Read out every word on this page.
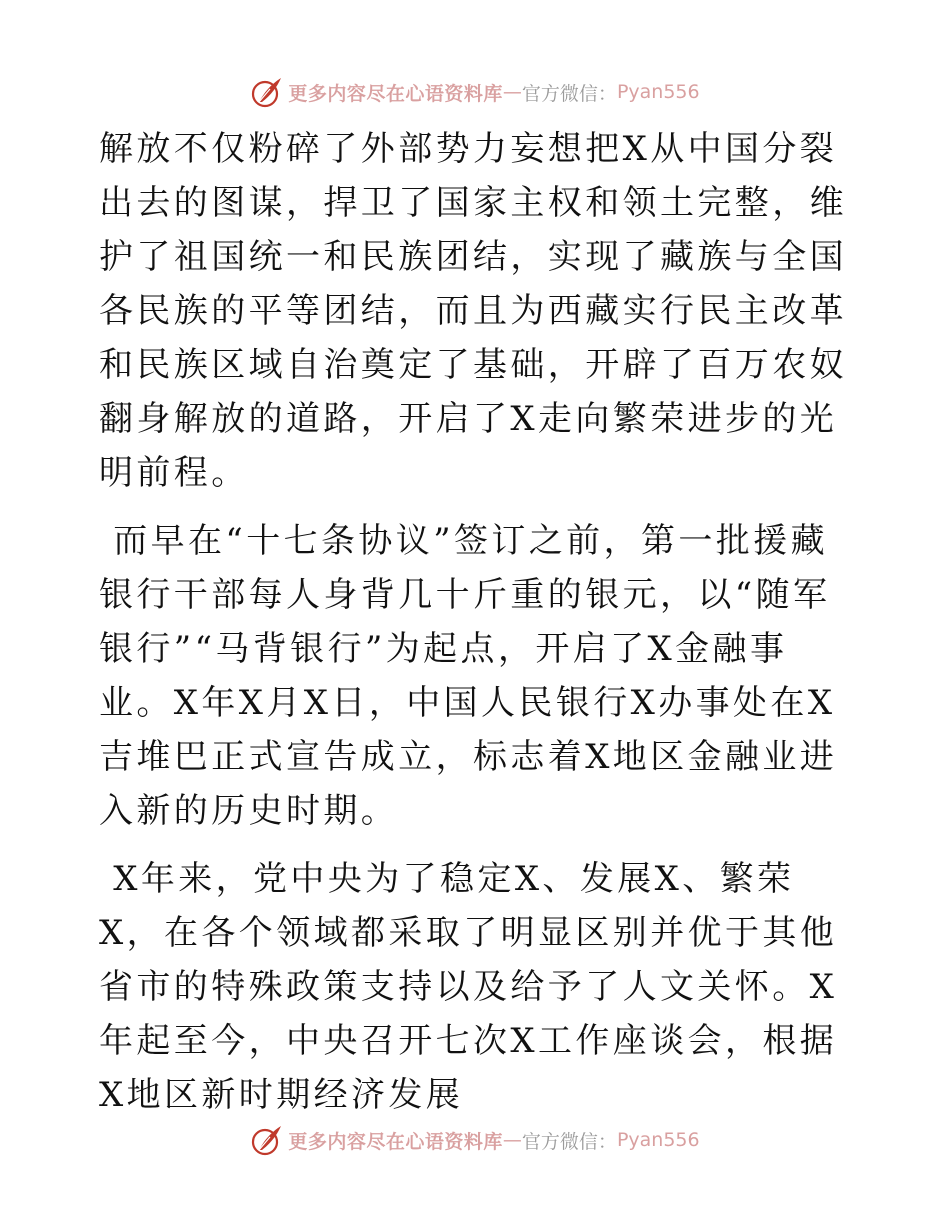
更多内容尽在心语资料库 — 官方微信： Pyan556

解放不仅粉碎了外部势力妄想把X从中国分裂出去的图谋，捍卫了国家主权和领土完整，维护了祖国统一和民族团结，实现了藏族与全国各民族的平等团结，而且为西藏实行民主改革和民族区域自治奠定了基础，开辟了百万农奴翻身解放的道路，开启了X走向繁荣进步的光明前程。

而早在“十七条协议”签订之前，第一批援藏银行干部每人身背几十斤重的银元，以“随军银行”“马背银行”为起点，开启了X金融事业。X年X月X日，中国人民银行X办事处在X吉堆巴正式宣告成立，标志着X地区金融业进入新的历史时期。

X年来，党中央为了稳定X、发展X、繁荣X，在各个领域都采取了明显区别并优于其他省市的特殊政策支持以及给予了人文关怀。X年起至今，中央召开七次X工作座谈会，根据X地区新时期经济发展

更多内容尽在心语资料库 — 官方微信： Pyan556
